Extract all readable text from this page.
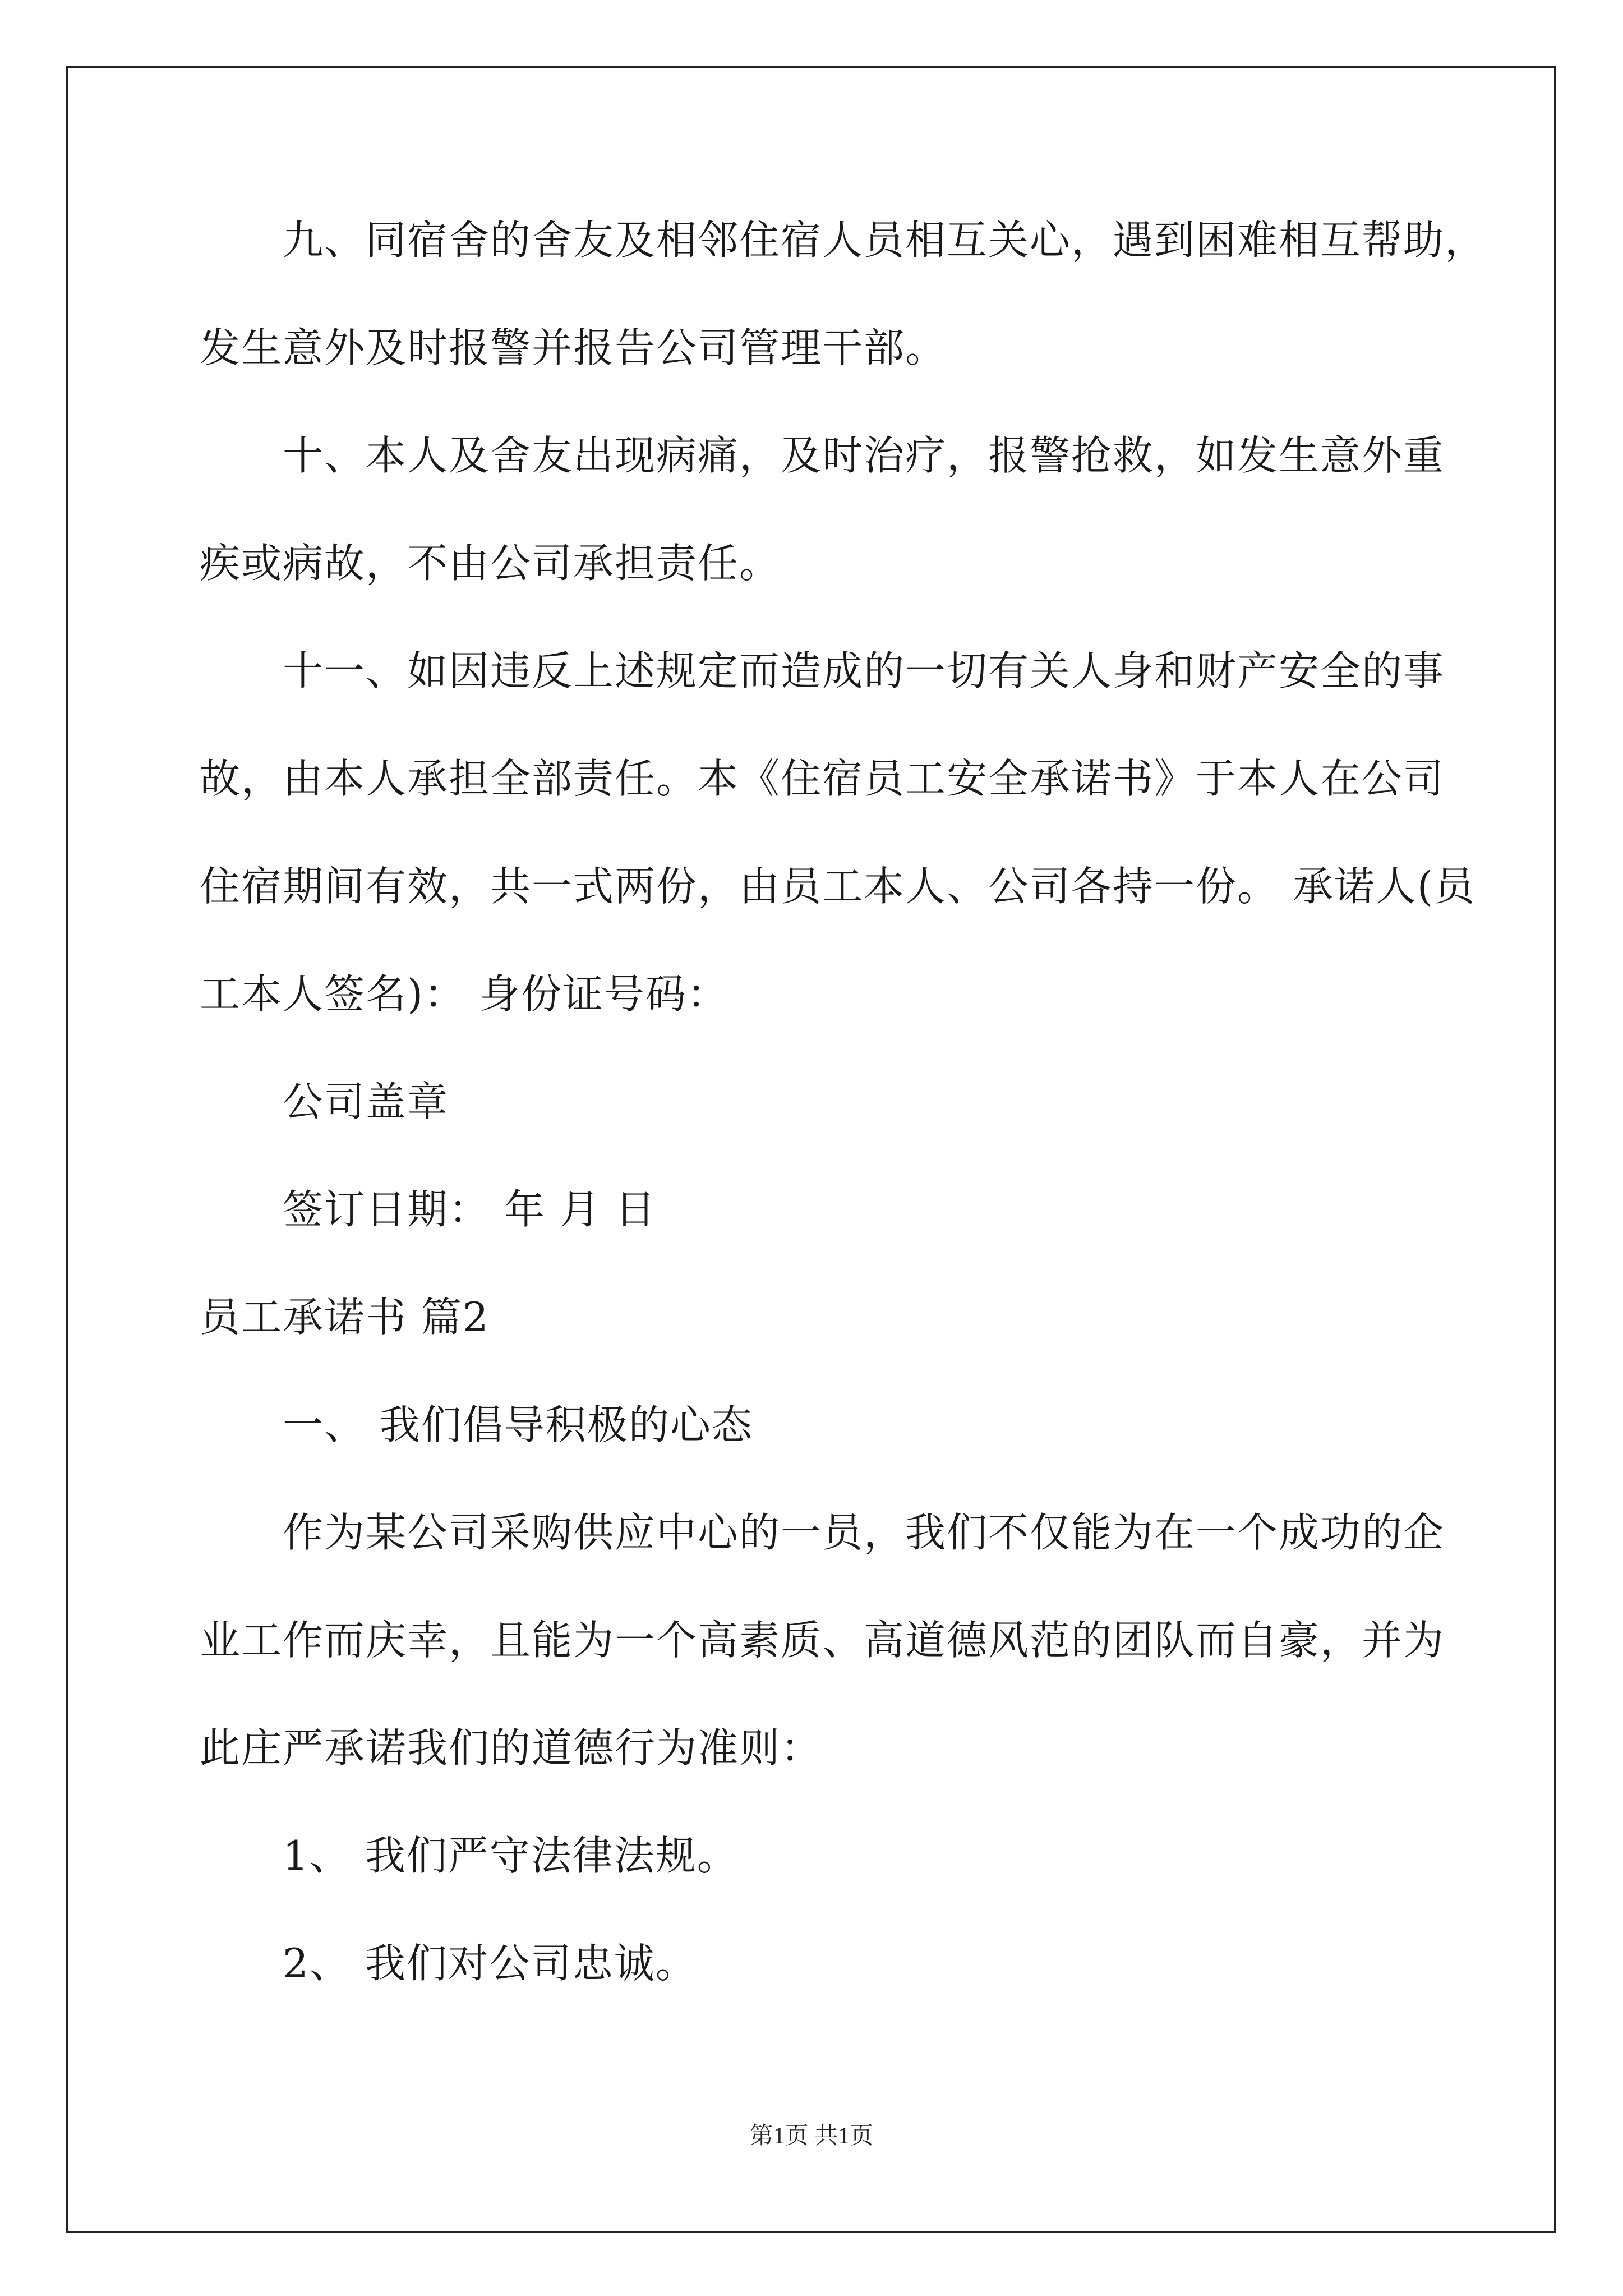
九、同宿舍的舍友及相邻住宿人员相互关心，遇到困难相互帮助，
发生意外及时报警并报告公司管理干部。
十、本人及舍友出现病痛，及时治疗，报警抢救，如发生意外重
疾或病故，不由公司承担责任。
十一、如因违反上述规定而造成的一切有关人身和财产安全的事
故，由本人承担全部责任。本《住宿员工安全承诺书》于本人在公司
住宿期间有效，共一式两份，由员工本人、公司各持一份。 承诺人(员
工本人签名)： 身份证号码：
公司盖章
签订日期： 年 月 日
员工承诺书 篇2
一、 我们倡导积极的心态
作为某公司采购供应中心的一员，我们不仅能为在一个成功的企
业工作而庆幸，且能为一个高素质、高道德风范的团队而自豪，并为
此庄严承诺我们的道德行为准则：
1、 我们严守法律法规。
2、 我们对公司忠诚。
第1页 共1页
